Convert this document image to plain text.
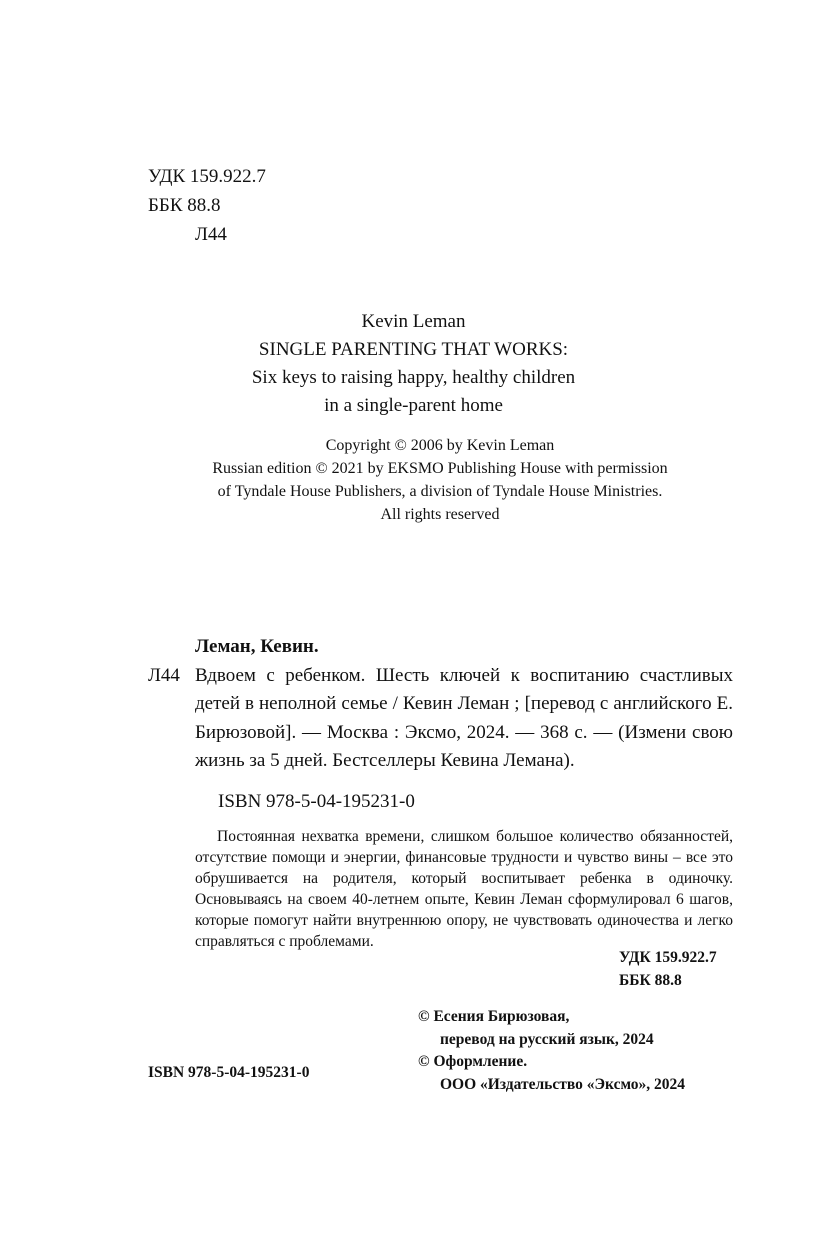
УДК 159.922.7
ББК 88.8
Л44
Kevin Leman
SINGLE PARENTING THAT WORKS:
Six keys to raising happy, healthy children
in a single-parent home
Copyright © 2006 by Kevin Leman
Russian edition © 2021 by EKSMO Publishing House with permission
of Tyndale House Publishers, a division of Tyndale House Ministries.
All rights reserved
Леман, Кевин.
Л44 Вдвоем с ребенком. Шесть ключей к воспитанию счастливых детей в неполной семье / Кевин Леман ; [перевод с английского Е. Бирюзовой]. — Москва : Эксмо, 2024. — 368 с. — (Измени свою жизнь за 5 дней. Бестселлеры Кевина Лемана).
ISBN 978-5-04-195231-0
Постоянная нехватка времени, слишком большое количество обязанностей, отсутствие помощи и энергии, финансовые трудности и чувство вины – все это обрушивается на родителя, который воспитывает ребенка в одиночку. Основываясь на своем 40-летнем опыте, Кевин Леман сформулировал 6 шагов, которые помогут найти внутреннюю опору, не чувствовать одиночества и легко справляться с проблемами.
УДК 159.922.7
ББК 88.8
© Есения Бирюзовая,
перевод на русский язык, 2024
© Оформление.
ООО «Издательство «Эксмо», 2024
ISBN 978-5-04-195231-0
